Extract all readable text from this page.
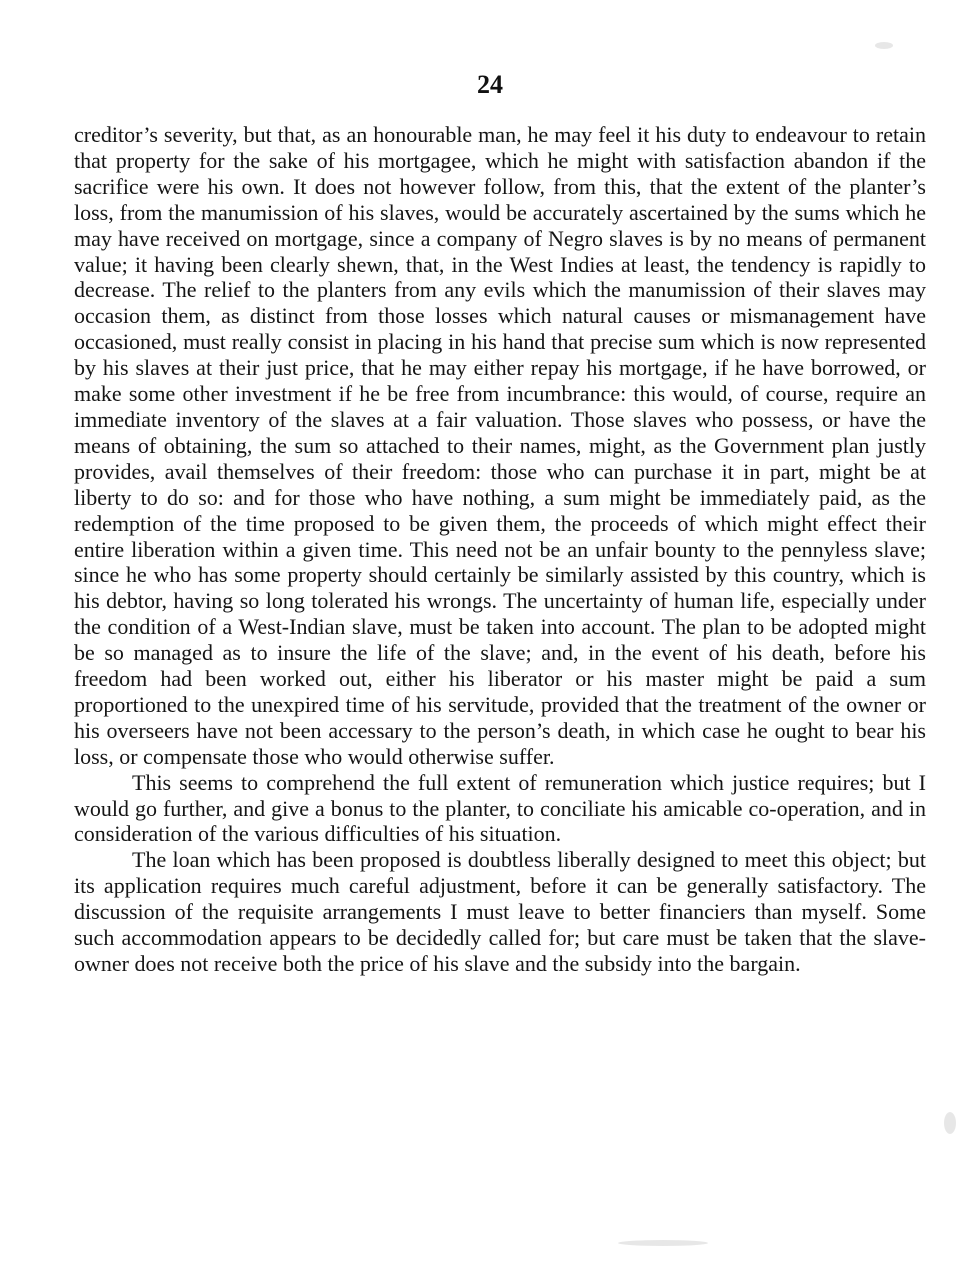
24

creditor’s severity, but that, as an honourable man, he may feel it his duty to endeavour to retain that property for the sake of his mortgagee, which he might with satisfaction abandon if the sacrifice were his own. It does not however follow, from this, that the extent of the planter’s loss, from the manumission of his slaves, would be accurately ascertained by the sums which he may have received on mortgage, since a company of Negro slaves is by no means of permanent value; it having been clearly shewn, that, in the West Indies at least, the tendency is rapidly to decrease. The relief to the planters from any evils which the manumission of their slaves may occasion them, as distinct from those losses which natural causes or mismanagement have occasioned, must really consist in placing in his hand that precise sum which is now represented by his slaves at their just price, that he may either repay his mortgage, if he have borrowed, or make some other investment if he be free from incumbrance: this would, of course, require an immediate inventory of the slaves at a fair valuation. Those slaves who possess, or have the means of obtaining, the sum so attached to their names, might, as the Government plan justly provides, avail themselves of their freedom: those who can purchase it in part, might be at liberty to do so: and for those who have nothing, a sum might be immediately paid, as the redemption of the time proposed to be given them, the proceeds of which might effect their entire liberation within a given time. This need not be an unfair bounty to the pennyless slave; since he who has some property should certainly be similarly assisted by this country, which is his debtor, having so long tolerated his wrongs. The uncertainty of human life, especially under the condition of a West-Indian slave, must be taken into account. The plan to be adopted might be so managed as to insure the life of the slave; and, in the event of his death, before his freedom had been worked out, either his liberator or his master might be paid a sum proportioned to the unexpired time of his servitude, provided that the treatment of the owner or his overseers have not been accessary to the person’s death, in which case he ought to bear his loss, or compensate those who would otherwise suffer.

This seems to comprehend the full extent of remuneration which justice requires; but I would go further, and give a bonus to the planter, to conciliate his amicable co-operation, and in consideration of the various difficulties of his situation.

The loan which has been proposed is doubtless liberally designed to meet this object; but its application requires much careful adjustment, before it can be generally satisfactory. The discussion of the requisite arrangements I must leave to better financiers than myself. Some such accommodation appears to be decidedly called for; but care must be taken that the slave-owner does not receive both the price of his slave and the subsidy into the bargain.
